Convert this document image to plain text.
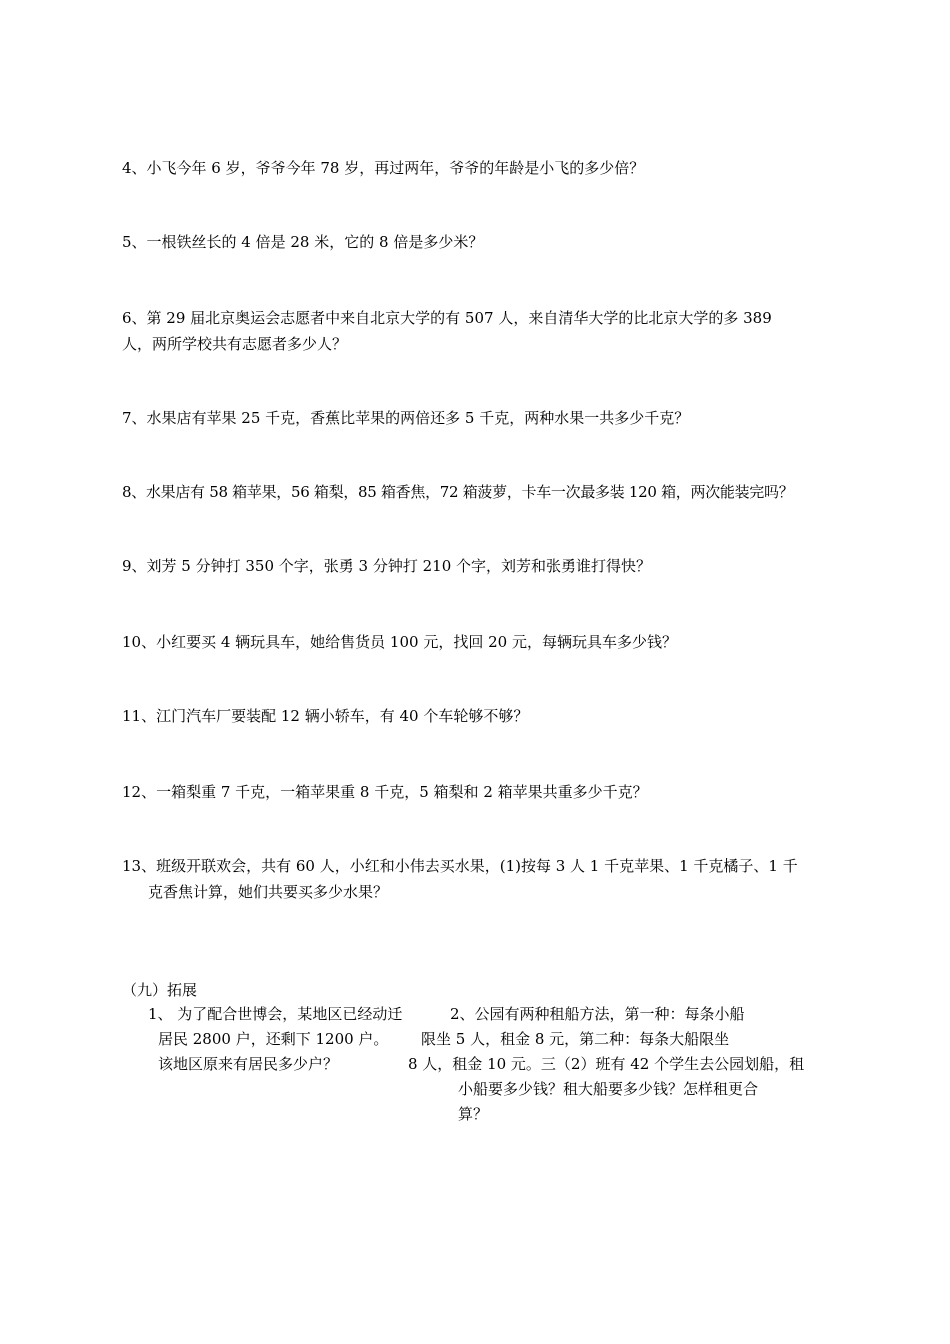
4、小飞今年 6 岁，爷爷今年 78 岁，再过两年，爷爷的年龄是小飞的多少倍？

5、一根铁丝长的 4 倍是 28 米，它的 8 倍是多少米？

6、第 29 届北京奥运会志愿者中来自北京大学的有 507 人，来自清华大学的比北京大学的多 389

人，两所学校共有志愿者多少人？

7、水果店有苹果 25 千克，香蕉比苹果的两倍还多 5 千克，两种水果一共多少千克？

8、水果店有 58 箱苹果，56 箱梨，85 箱香焦，72 箱菠萝，卡车一次最多装 120 箱，两次能装完吗？

9、刘芳 5 分钟打 350 个字，张勇 3 分钟打 210 个字，刘芳和张勇谁打得快？

10、小红要买 4 辆玩具车，她给售货员 100 元，找回 20 元，每辆玩具车多少钱？

11、江门汽车厂要装配 12 辆小轿车，有 40 个车轮够不够？

12、一箱梨重 7 千克，一箱苹果重 8 千克，5 箱梨和 2 箱苹果共重多少千克？

13、班级开联欢会，共有 60 人，小红和小伟去买水果，(1)按每 3 人 1 千克苹果、1 千克橘子、1 千

克香焦计算，她们共要买多少水果？

（九）拓展

1、 为了配合世博会，某地区已经动迁	2、公园有两种租船方法，第一种：每条小船

居民 2800 户，还剩下 1200 户。 限坐 5 人，租金 8 元，第二种：每条大船限坐

该地区原来有居民多少户？	8 人，租金 10 元。三（2）班有 42 个学生去公园划船，租

小船要多少钱？租大船要多少钱？怎样租更合

算？
